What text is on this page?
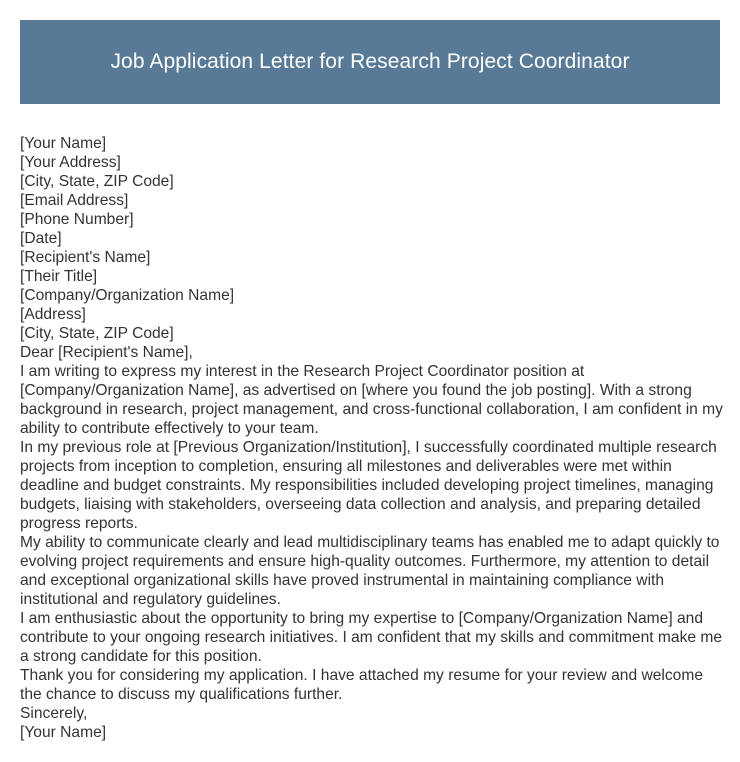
Job Application Letter for Research Project Coordinator
[Your Name]
[Your Address]
[City, State, ZIP Code]
[Email Address]
[Phone Number]
[Date]
[Recipient's Name]
[Their Title]
[Company/Organization Name]
[Address]
[City, State, ZIP Code]
Dear [Recipient's Name],

I am writing to express my interest in the Research Project Coordinator position at [Company/Organization Name], as advertised on [where you found the job posting]. With a strong background in research, project management, and cross-functional collaboration, I am confident in my ability to contribute effectively to your team.

In my previous role at [Previous Organization/Institution], I successfully coordinated multiple research projects from inception to completion, ensuring all milestones and deliverables were met within deadline and budget constraints. My responsibilities included developing project timelines, managing budgets, liaising with stakeholders, overseeing data collection and analysis, and preparing detailed progress reports.

My ability to communicate clearly and lead multidisciplinary teams has enabled me to adapt quickly to evolving project requirements and ensure high-quality outcomes. Furthermore, my attention to detail and exceptional organizational skills have proved instrumental in maintaining compliance with institutional and regulatory guidelines.

I am enthusiastic about the opportunity to bring my expertise to [Company/Organization Name] and contribute to your ongoing research initiatives. I am confident that my skills and commitment make me a strong candidate for this position.

Thank you for considering my application. I have attached my resume for your review and welcome the chance to discuss my qualifications further.

Sincerely,
[Your Name]
